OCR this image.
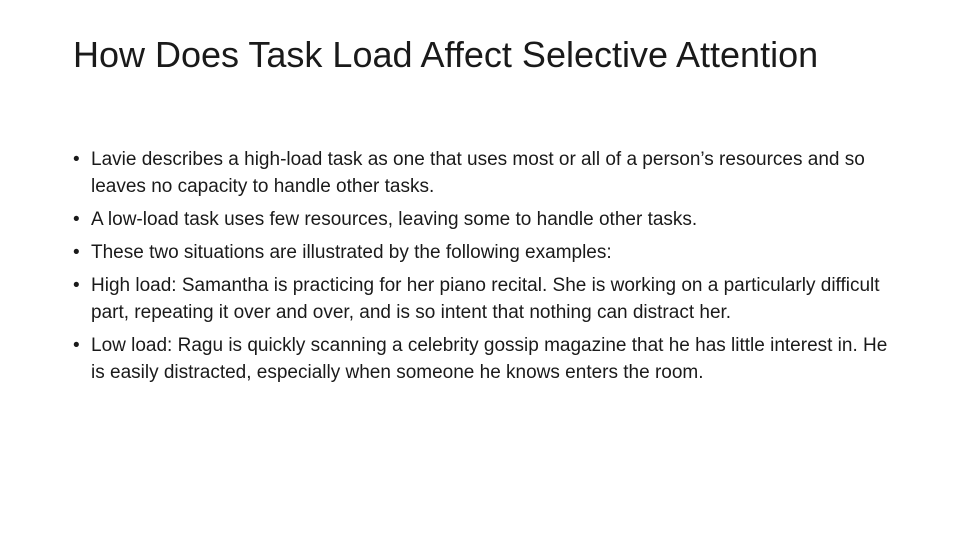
How Does Task Load Affect Selective Attention
• Lavie describes a high-load task as one that uses most or all of a person’s resources and so leaves no capacity to handle other tasks.
• A low-load task uses few resources, leaving some to handle other tasks.
• These two situations are illustrated by the following examples:
• High load: Samantha is practicing for her piano recital. She is working on a particularly difficult part, repeating it over and over, and is so intent that nothing can distract her.
• Low load: Ragu is quickly scanning a celebrity gossip magazine that he has little interest in. He is easily distracted, especially when someone he knows enters the room.
